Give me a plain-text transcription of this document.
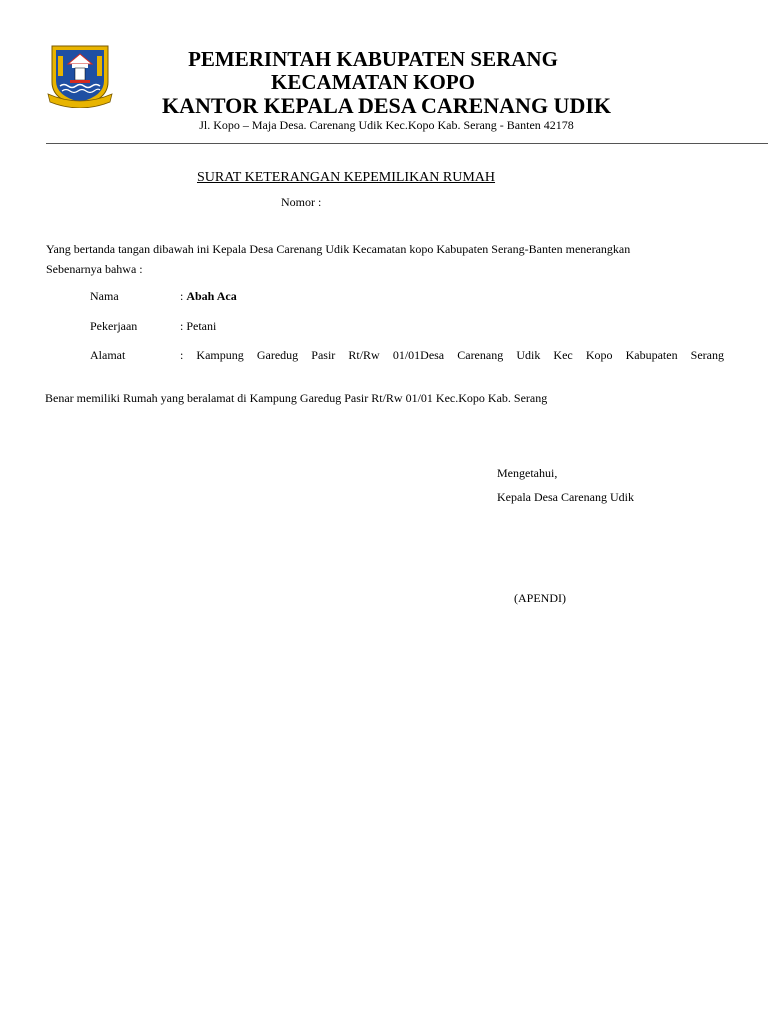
PEMERINTAH KABUPATEN SERANG
KECAMATAN KOPO
KANTOR KEPALA DESA CARENANG UDIK
Jl. Kopo – Maja Desa. Carenang Udik Kec.Kopo Kab. Serang - Banten 42178
SURAT KETERANGAN KEPEMILIKAN RUMAH
Nomor :
Yang bertanda tangan dibawah ini Kepala Desa Carenang Udik Kecamatan kopo Kabupaten Serang-Banten menerangkan
Sebenarnya bahwa :
Nama	: Abah Aca
Pekerjaan	: Petani
Alamat	: Kampung Garedug Pasir Rt/Rw 01/01Desa Carenang Udik Kec Kopo Kabupaten Serang
Benar memiliki Rumah yang beralamat di Kampung Garedug Pasir Rt/Rw 01/01 Kec.Kopo Kab. Serang
Mengetahui,
Kepala Desa Carenang Udik
(APENDI)
